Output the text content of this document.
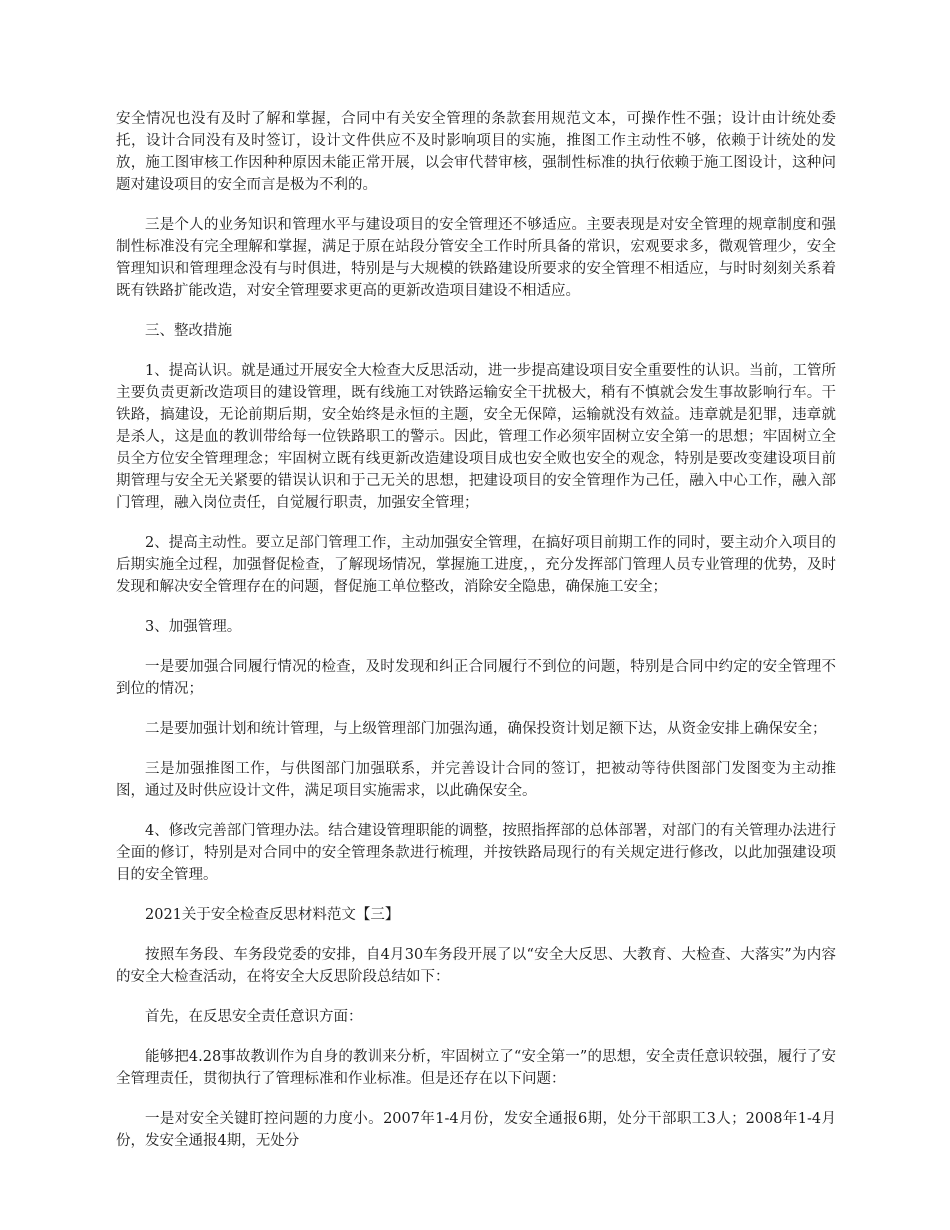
安全情况也没有及时了解和掌握，合同中有关安全管理的条款套用规范文本，可操作性不强；设计由计统处委托，设计合同没有及时签订，设计文件供应不及时影响项目的实施，推图工作主动性不够，依赖于计统处的发放，施工图审核工作因种种原因未能正常开展，以会审代替审核，强制性标准的执行依赖于施工图设计，这种问题对建设项目的安全而言是极为不利的。

三是个人的业务知识和管理水平与建设项目的安全管理还不够适应。主要表现是对安全管理的规章制度和强制性标准没有完全理解和掌握，满足于原在站段分管安全工作时所具备的常识，宏观要求多，微观管理少，安全管理知识和管理理念没有与时俱进，特别是与大规模的铁路建设所要求的安全管理不相适应，与时时刻刻关系着既有铁路扩能改造，对安全管理要求更高的更新改造项目建设不相适应。

三、整改措施

1、提高认识。就是通过开展安全大检查大反思活动，进一步提高建设项目安全重要性的认识。当前，工管所主要负责更新改造项目的建设管理，既有线施工对铁路运输安全干扰极大，稍有不慎就会发生事故影响行车。干铁路，搞建设，无论前期后期，安全始终是永恒的主题，安全无保障，运输就没有效益。违章就是犯罪，违章就是杀人，这是血的教训带给每一位铁路职工的警示。因此，管理工作必须牢固树立安全第一的思想；牢固树立全员全方位安全管理理念；牢固树立既有线更新改造建设项目成也安全败也安全的观念，特别是要改变建设项目前期管理与安全无关紧要的错误认识和于己无关的思想，把建设项目的安全管理作为己任，融入中心工作，融入部门管理，融入岗位责任，自觉履行职责，加强安全管理；

2、提高主动性。要立足部门管理工作，主动加强安全管理，在搞好项目前期工作的同时，要主动介入项目的后期实施全过程，加强督促检查，了解现场情况，掌握施工进度，，充分发挥部门管理人员专业管理的优势，及时发现和解决安全管理存在的问题，督促施工单位整改，消除安全隐患，确保施工安全；

3、加强管理。

一是要加强合同履行情况的检查，及时发现和纠正合同履行不到位的问题，特别是合同中约定的安全管理不到位的情况；

二是要加强计划和统计管理，与上级管理部门加强沟通，确保投资计划足额下达，从资金安排上确保安全；

三是加强推图工作，与供图部门加强联系，并完善设计合同的签订，把被动等待供图部门发图变为主动推图，通过及时供应设计文件，满足项目实施需求，以此确保安全。

4、修改完善部门管理办法。结合建设管理职能的调整，按照指挥部的总体部署，对部门的有关管理办法进行全面的修订，特别是对合同中的安全管理条款进行梳理，并按铁路局现行的有关规定进行修改，以此加强建设项目的安全管理。

2021关于安全检查反思材料范文【三】

按照车务段、车务段党委的安排，自4月30车务段开展了以“安全大反思、大教育、大检查、大落实”为内容的安全大检查活动，在将安全大反思阶段总结如下：

首先，在反思安全责任意识方面：

能够把4.28事故教训作为自身的教训来分析，牢固树立了“安全第一”的思想，安全责任意识较强，履行了安全管理责任，贯彻执行了管理标准和作业标准。但是还存在以下问题：

一是对安全关键盯控问题的力度小。2007年1-4月份，发安全通报6期，处分干部职工3人；2008年1-4月份，发安全通报4期，无处分
